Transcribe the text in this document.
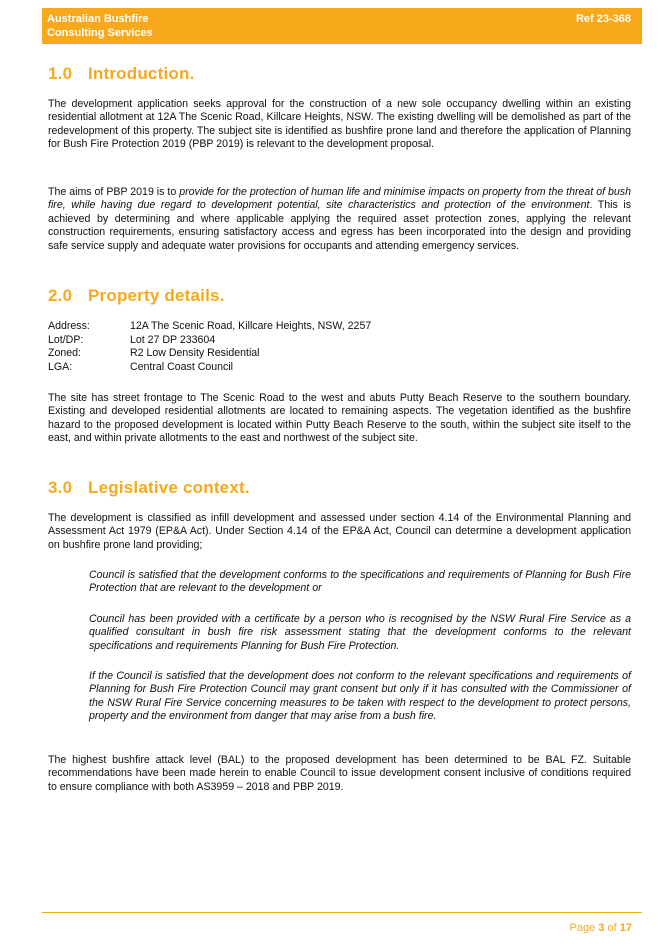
Australian Bushfire
Consulting Services
Ref 23-368
1.0 Introduction.

The development application seeks approval for the construction of a new sole occupancy dwelling within an existing residential allotment at 12A The Scenic Road, Killcare Heights, NSW. The existing dwelling will be demolished as part of the redevelopment of this property. The subject site is identified as bushfire prone land and therefore the application of Planning for Bush Fire Protection 2019 (PBP 2019) is relevant to the development proposal.

The aims of PBP 2019 is to provide for the protection of human life and minimise impacts on property from the threat of bush fire, while having due regard to development potential, site characteristics and protection of the environment. This is achieved by determining and where applicable applying the required asset protection zones, applying the relevant construction requirements, ensuring satisfactory access and egress has been incorporated into the design and providing safe service supply and adequate water provisions for occupants and attending emergency services.

2.0 Property details.
Address:	12A The Scenic Road, Killcare Heights, NSW, 2257
Lot/DP:	Lot 27 DP 233604
Zoned:	R2 Low Density Residential
LGA:	Central Coast Council

The site has street frontage to The Scenic Road to the west and abuts Putty Beach Reserve to the southern boundary. Existing and developed residential allotments are located to remaining aspects. The vegetation identified as the bushfire hazard to the proposed development is located within Putty Beach Reserve to the south, within the subject site itself to the east, and within private allotments to the east and northwest of the subject site.

3.0 Legislative context.

The development is classified as infill development and assessed under section 4.14 of the Environmental Planning and Assessment Act 1979 (EP&A Act). Under Section 4.14 of the EP&A Act, Council can determine a development application on bushfire prone land providing;

Council is satisfied that the development conforms to the specifications and requirements of Planning for Bush Fire Protection that are relevant to the development or

Council has been provided with a certificate by a person who is recognised by the NSW Rural Fire Service as a qualified consultant in bush fire risk assessment stating that the development conforms to the relevant specifications and requirements Planning for Bush Fire Protection.

If the Council is satisfied that the development does not conform to the relevant specifications and requirements of Planning for Bush Fire Protection Council may grant consent but only if it has consulted with the Commissioner of the NSW Rural Fire Service concerning measures to be taken with respect to the development to protect persons, property and the environment from danger that may arise from a bush fire.

The highest bushfire attack level (BAL) to the proposed development has been determined to be BAL FZ. Suitable recommendations have been made herein to enable Council to issue development consent inclusive of conditions required to ensure compliance with both AS3959 – 2018 and PBP 2019.

Page 3 of 17
